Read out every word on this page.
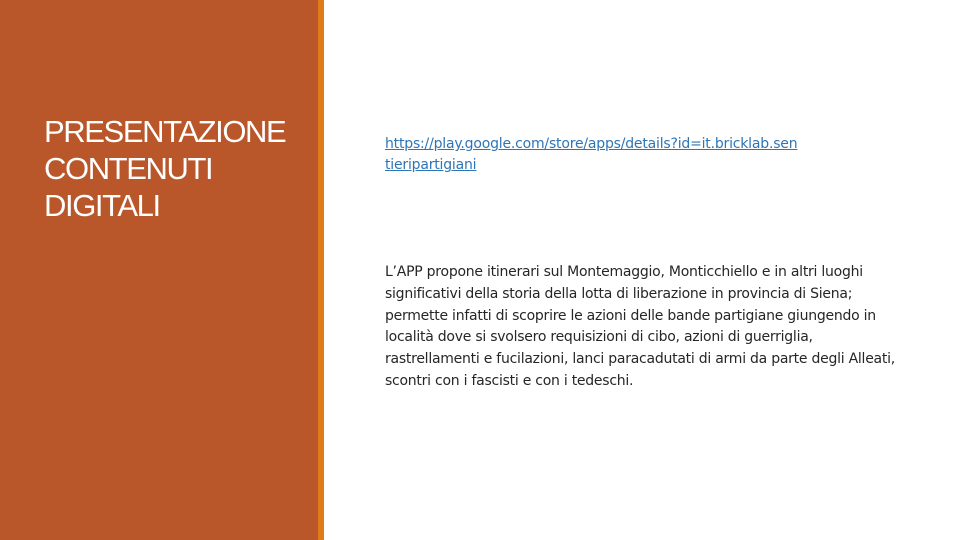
PRESENTAZIONE
CONTENUTI
DIGITALI
https://play.google.com/store/apps/details?id=it.bricklab.sen
tieripartigiani

L’APP propone itinerari sul Montemaggio, Monticchiello e in altri luoghi significativi della storia della lotta di liberazione in provincia di Siena; permette infatti di scoprire le azioni delle bande partigiane giungendo in località dove si svolsero requisizioni di cibo, azioni di guerriglia, rastrellamenti e fucilazioni, lanci paracadutati di armi da parte degli Alleati, scontri con i fascisti e con i tedeschi.
